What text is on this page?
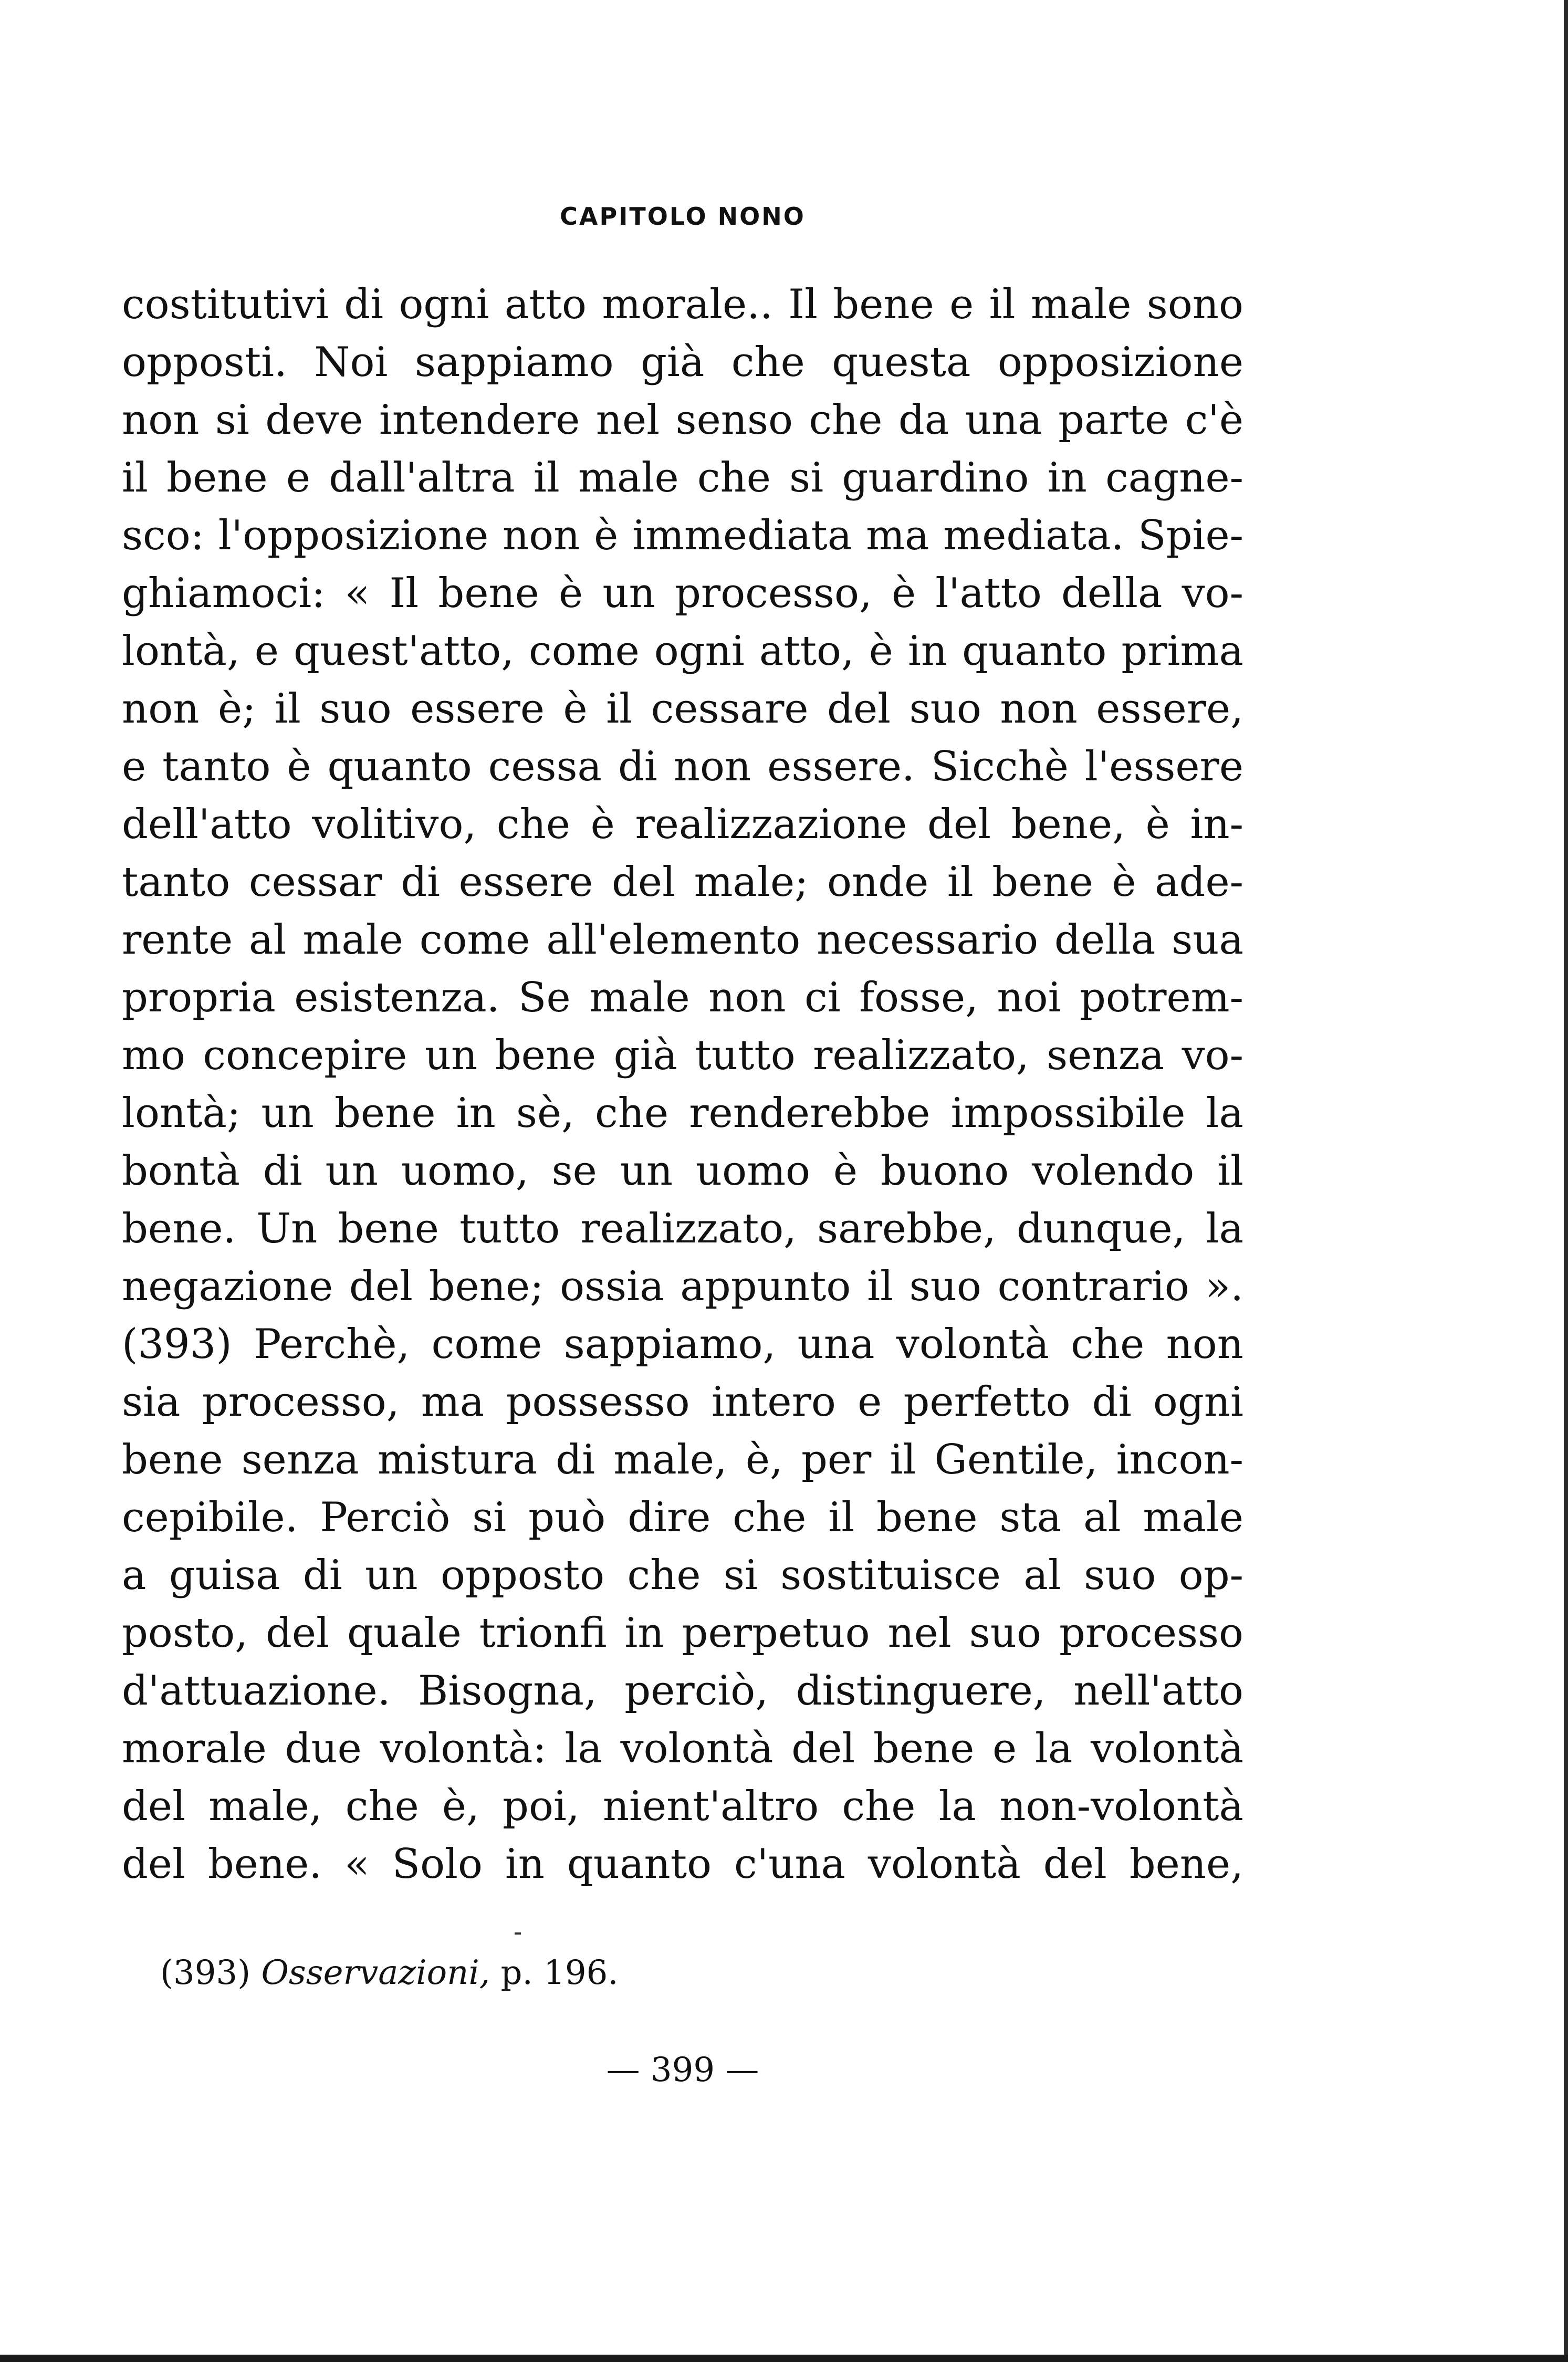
CAPITOLO NONO
costitutivi di ogni atto morale.. Il bene e il male sono
opposti. Noi sappiamo già che questa opposizione
non si deve intendere nel senso che da una parte c'è
il bene e dall'altra il male che si guardino in cagne-
sco: l'opposizione non è immediata ma mediata. Spie-
ghiamoci: « Il bene è un processo, è l'atto della vo-
lontà, e quest'atto, come ogni atto, è in quanto prima
non è; il suo essere è il cessare del suo non essere,
e tanto è quanto cessa di non essere. Sicchè l'essere
dell'atto volitivo, che è realizzazione del bene, è in-
tanto cessar di essere del male; onde il bene è ade-
rente al male come all'elemento necessario della sua
propria esistenza. Se male non ci fosse, noi potrem-
mo concepire un bene già tutto realizzato, senza vo-
lontà; un bene in sè, che renderebbe impossibile la
bontà di un uomo, se un uomo è buono volendo il
bene. Un bene tutto realizzato, sarebbe, dunque, la
negazione del bene; ossia appunto il suo contrario ».
(393) Perchè, come sappiamo, una volontà che non
sia processo, ma possesso intero e perfetto di ogni
bene senza mistura di male, è, per il Gentile, incon-
cepibile. Perciò si può dire che il bene sta al male
a guisa di un opposto che si sostituisce al suo op-
posto, del quale trionfi in perpetuo nel suo processo
d'attuazione. Bisogna, perciò, distinguere, nell'atto
morale due volontà: la volontà del bene e la volontà
del male, che è, poi, nient'altro che la non-volontà
del bene. « Solo in quanto c'una volontà del bene,
(393) Osservazioni, p. 196.
— 399 —
